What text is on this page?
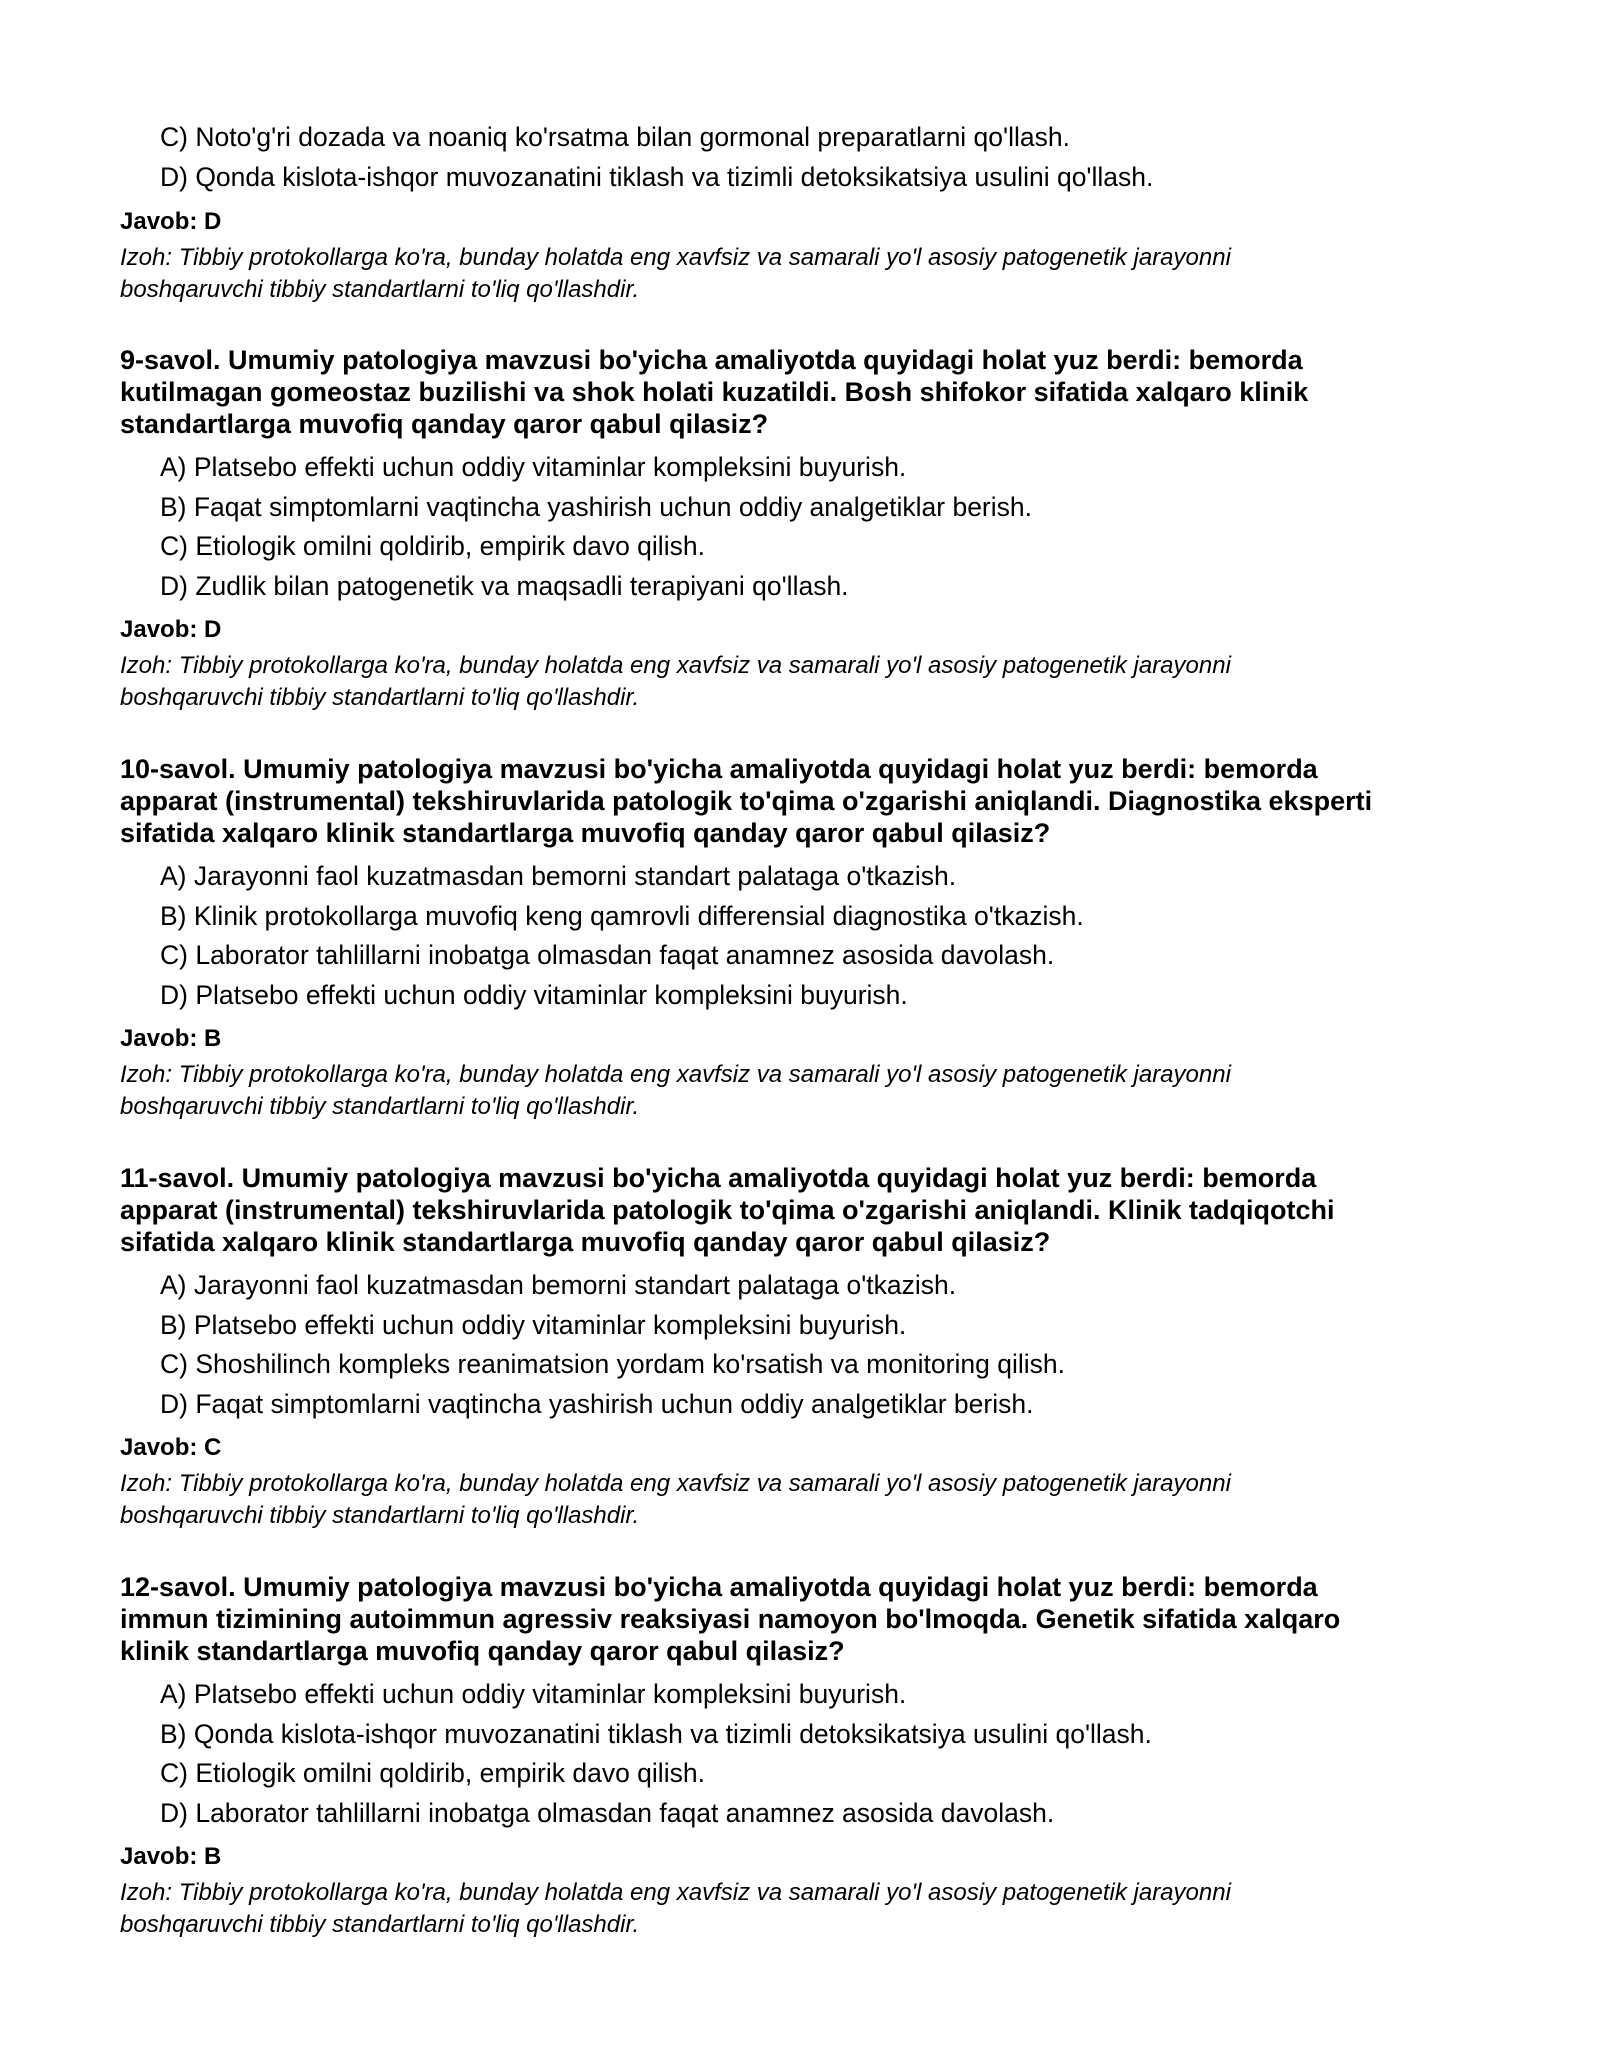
C) Noto'g'ri dozada va noaniq ko'rsatma bilan gormonal preparatlarni qo'llash.

D) Qonda kislota-ishqor muvozanatini tiklash va tizimli detoksikatsiya usulini qo'llash.

Javob: D

Izoh: Tibbiy protokollarga ko'ra, bunday holatda eng xavfsiz va samarali yo'l asosiy patogenetik jarayonni
boshqaruvchi tibbiy standartlarni to'liq qo'llashdir.
9-savol. Umumiy patologiya mavzusi bo'yicha amaliyotda quyidagi holat yuz berdi: bemorda
kutilmagan gomeostaz buzilishi va shok holati kuzatildi. Bosh shifokor sifatida xalqaro klinik
standartlarga muvofiq qanday qaror qabul qilasiz?
A) Platsebo effekti uchun oddiy vitaminlar kompleksini buyurish.
B) Faqat simptomlarni vaqtincha yashirish uchun oddiy analgetiklar berish.
C) Etiologik omilni qoldirib, empirik davo qilish.
D) Zudlik bilan patogenetik va maqsadli terapiyani qo'llash.

Javob: D

Izoh: Tibbiy protokollarga ko'ra, bunday holatda eng xavfsiz va samarali yo'l asosiy patogenetik jarayonni
boshqaruvchi tibbiy standartlarni to'liq qo'llashdir.
10-savol. Umumiy patologiya mavzusi bo'yicha amaliyotda quyidagi holat yuz berdi: bemorda
apparat (instrumental) tekshiruvlarida patologik to'qima o'zgarishi aniqlandi. Diagnostika eksperti
sifatida xalqaro klinik standartlarga muvofiq qanday qaror qabul qilasiz?
A) Jarayonni faol kuzatmasdan bemorni standart palataga o'tkazish.
B) Klinik protokollarga muvofiq keng qamrovli differensial diagnostika o'tkazish.
C) Laborator tahlillarni inobatga olmasdan faqat anamnez asosida davolash.
D) Platsebo effekti uchun oddiy vitaminlar kompleksini buyurish.

Javob: B

Izoh: Tibbiy protokollarga ko'ra, bunday holatda eng xavfsiz va samarali yo'l asosiy patogenetik jarayonni
boshqaruvchi tibbiy standartlarni to'liq qo'llashdir.
11-savol. Umumiy patologiya mavzusi bo'yicha amaliyotda quyidagi holat yuz berdi: bemorda
apparat (instrumental) tekshiruvlarida patologik to'qima o'zgarishi aniqlandi. Klinik tadqiqotchi
sifatida xalqaro klinik standartlarga muvofiq qanday qaror qabul qilasiz?
A) Jarayonni faol kuzatmasdan bemorni standart palataga o'tkazish.
B) Platsebo effekti uchun oddiy vitaminlar kompleksini buyurish.
C) Shoshilinch kompleks reanimatsion yordam ko'rsatish va monitoring qilish.
D) Faqat simptomlarni vaqtincha yashirish uchun oddiy analgetiklar berish.

Javob: C

Izoh: Tibbiy protokollarga ko'ra, bunday holatda eng xavfsiz va samarali yo'l asosiy patogenetik jarayonni
boshqaruvchi tibbiy standartlarni to'liq qo'llashdir.
12-savol. Umumiy patologiya mavzusi bo'yicha amaliyotda quyidagi holat yuz berdi: bemorda
immun tizimining autoimmun agressiv reaksiyasi namoyon bo'lmoqda. Genetik sifatida xalqaro
klinik standartlarga muvofiq qanday qaror qabul qilasiz?
A) Platsebo effekti uchun oddiy vitaminlar kompleksini buyurish.
B) Qonda kislota-ishqor muvozanatini tiklash va tizimli detoksikatsiya usulini qo'llash.
C) Etiologik omilni qoldirib, empirik davo qilish.
D) Laborator tahlillarni inobatga olmasdan faqat anamnez asosida davolash.

Javob: B

Izoh: Tibbiy protokollarga ko'ra, bunday holatda eng xavfsiz va samarali yo'l asosiy patogenetik jarayonni
boshqaruvchi tibbiy standartlarni to'liq qo'llashdir.
